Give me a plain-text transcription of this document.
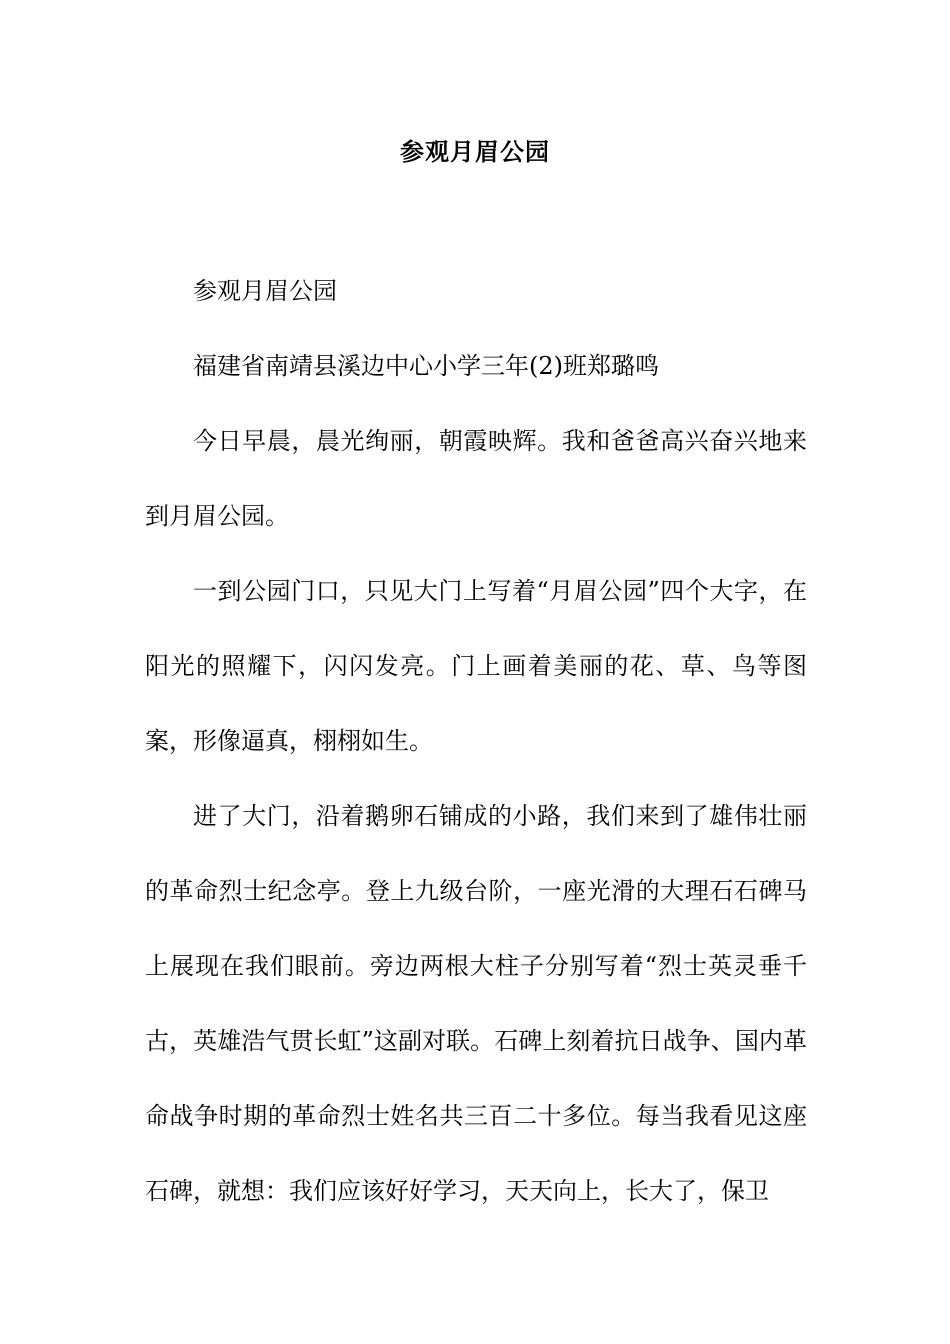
参观月眉公园

参观月眉公园

福建省南靖县溪边中心小学三年(2)班郑璐鸣

今日早晨，晨光绚丽，朝霞映辉。我和爸爸高兴奋兴地来到月眉公园。

一到公园门口，只见大门上写着“月眉公园”四个大字，在阳光的照耀下，闪闪发亮。门上画着美丽的花、草、鸟等图案，形像逼真，栩栩如生。

进了大门，沿着鹅卵石铺成的小路，我们来到了雄伟壮丽的革命烈士纪念亭。登上九级台阶，一座光滑的大理石石碑马上展现在我们眼前。旁边两根大柱子分别写着“烈士英灵垂千古，英雄浩气贯长虹”这副对联。石碑上刻着抗日战争、国内革命战争时期的革命烈士姓名共三百二十多位。每当我看见这座石碑，就想：我们应该好好学习，天天向上，长大了，保卫
